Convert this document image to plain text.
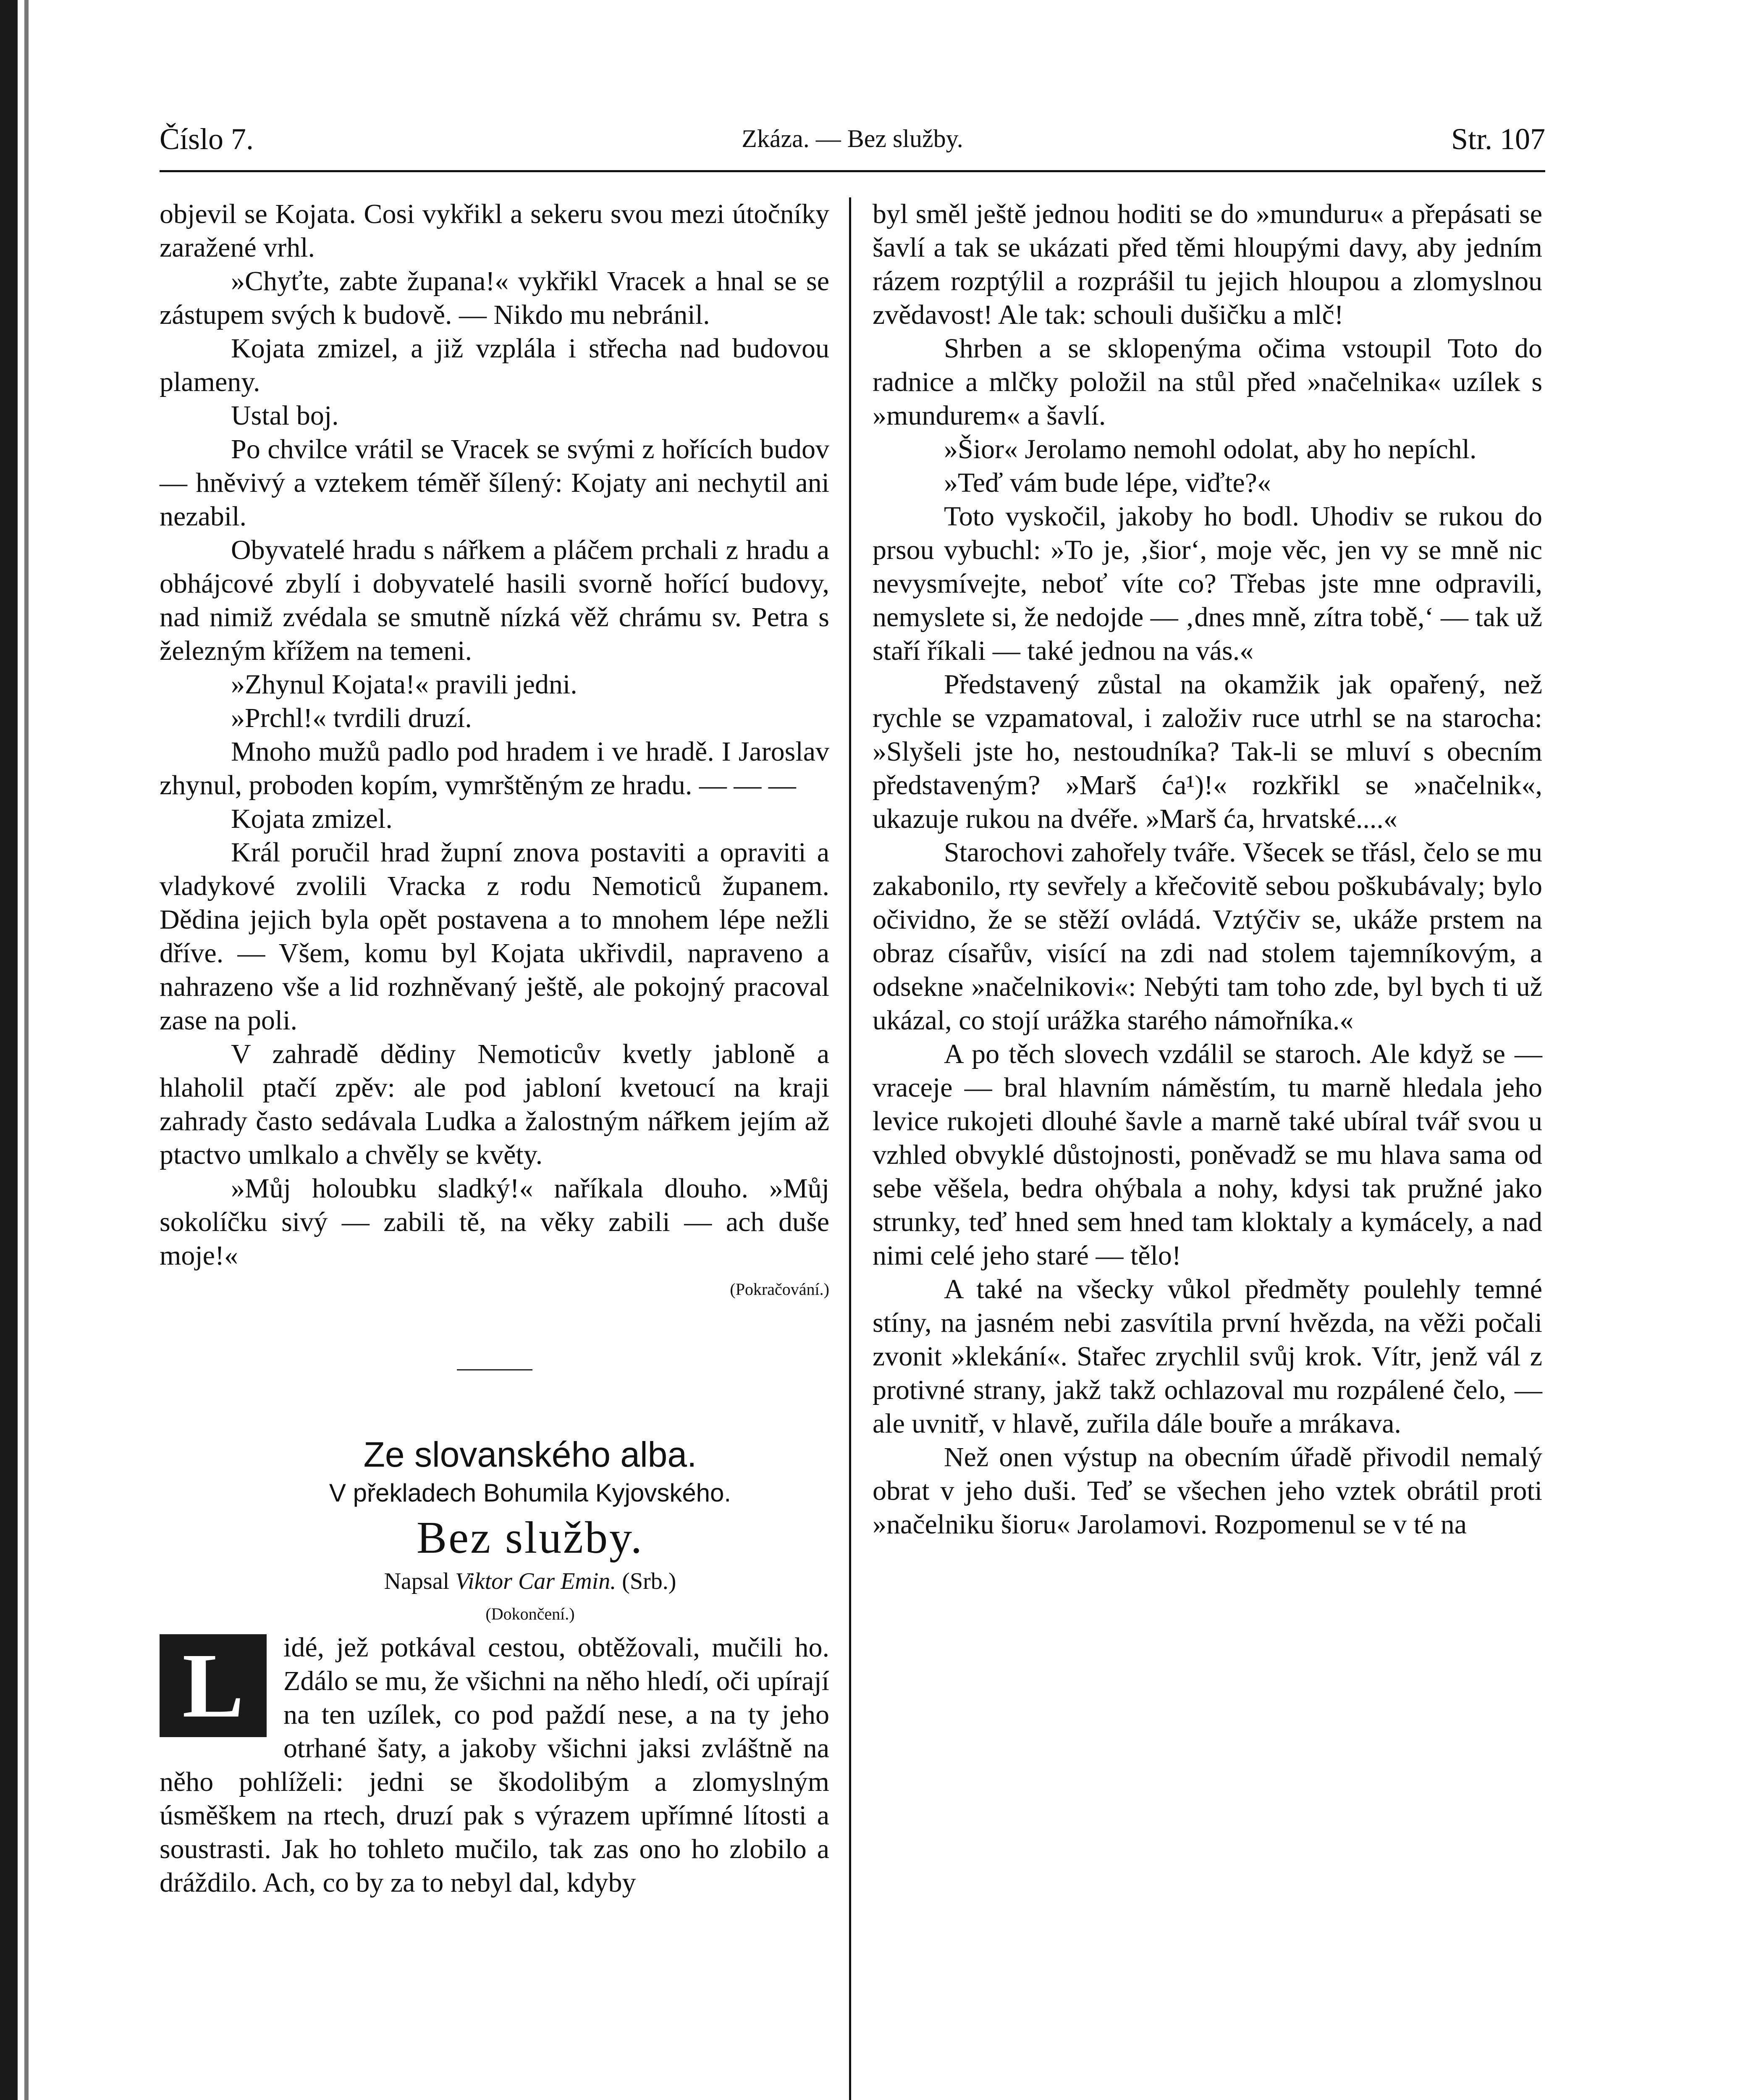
Číslo 7.	Zkáza. — Bez služby.	Str. 107

objevil se Kojata. Cosi vykřikl a sekeru svou mezi útočníky zaražené vrhl.

»Chyťte, zabte župana!« vykřikl Vracek a hnal se se zástupem svých k budově. — Nikdo mu nebránil.

Kojata zmizel, a již vzplála i střecha nad budovou plameny.

Ustal boj.

Po chvilce vrátil se Vracek se svými z hořících budov — hněvivý a vztekem téměř šílený: Kojaty ani nechytil ani nezabil.

Obyvatelé hradu s nářkem a pláčem prchali z hradu a obhájcové zbylí i dobyvatelé hasili svorně hořící budovy, nad nimiž zvédala se smutně nízká věž chrámu sv. Petra s železným křížem na temeni.

»Zhynul Kojata!« pravili jedni.

»Prchl!« tvrdili druzí.

Mnoho mužů padlo pod hradem i ve hradě. I Jaroslav zhynul, proboden kopím, vymrštěným ze hradu. — — —

Kojata zmizel.

Král poručil hrad župní znova postaviti a opraviti a vladykové zvolili Vracka z rodu Nemoticů županem. Dědina jejich byla opět postavena a to mnohem lépe nežli dříve. — Všem, komu byl Kojata ukřivdil, napraveno a nahrazeno vše a lid rozhněvaný ještě, ale pokojný pracoval zase na poli.

V zahradě dědiny Nemoticův kvetly jabloně a hlaholil ptačí zpěv: ale pod jabloní kvetoucí na kraji zahrady často sedávala Ludka a žalostným nářkem jejím až ptactvo umlkalo a chvěly se květy.

»Můj holoubku sladký!« naříkala dlouho. »Můj sokolíčku sivý — zabili tě, na věky zabili — ach duše moje!«

(Pokračování.)

Ze slovanského alba.

V překladech Bohumila Kyjovského.

Bez služby.

Napsal Viktor Car Emin. (Srb.)

(Dokončení.)

L	idé, jež potkával cestou, obtěžovali, mučili ho. Zdálo se mu, že všichni na něho hledí, oči upírají na ten uzílek, co pod paždí nese, a na ty jeho otrhané šaty, a jakoby všichni jaksi zvláštně na něho pohlíželi: jedni se škodolibým a zlomyslným úsměškem na rtech, druzí pak s výrazem upřímné lítosti a soustrasti. Jak ho tohleto mučilo, tak zas ono ho zlobilo a dráždilo. Ach, co by za to nebyl dal, kdyby

byl směl ještě jednou hoditi se do »munduru« a přepásati se šavlí a tak se ukázati před těmi hloupými davy, aby jedním rázem rozptýlil a rozprášil tu jejich hloupou a zlomyslnou zvědavost! Ale tak: schouli dušičku a mlč!

Shrben a se sklopenýma očima vstoupil Toto do radnice a mlčky položil na stůl před »načelnika« uzílek s »mundurem« a šavlí.

»Šior« Jerolamo nemohl odolat, aby ho nepíchl.

»Teď vám bude lépe, viďte?«

Toto vyskočil, jakoby ho bodl. Uhodiv se rukou do prsou vybuchl: »To je, ‚šior‘, moje věc, jen vy se mně nic nevysmívejte, neboť víte co? Třebas jste mne odpravili, nemyslete si, že nedojde — ‚dnes mně, zítra tobě,‘ — tak už staří říkali — také jednou na vás.«

Představený zůstal na okamžik jak opařený, než rychle se vzpamatoval, i založiv ruce utrhl se na starocha: »Slyšeli jste ho, nestoudníka? Tak-li se mluví s obecním představeným? »Marš ća¹)!« rozkřikl se »načelnik«, ukazuje rukou na dvéře. »Marš ća, hrvatské....«

Starochovi zahořely tváře. Všecek se třásl, čelo se mu zakabonilo, rty sevřely a křečovitě sebou poškubávaly; bylo očividno, že se stěží ovládá. Vztýčiv se, ukáže prstem na obraz císařův, visící na zdi nad stolem tajemníkovým, a odsekne »načelnikovi«: Nebýti tam toho zde, byl bych ti už ukázal, co stojí urážka starého námořníka.«

A po těch slovech vzdálil se staroch. Ale když se — vraceje — bral hlavním náměstím, tu marně hledala jeho levice rukojeti dlouhé šavle a marně také ubíral tvář svou u vzhled obvyklé důstojnosti, poněvadž se mu hlava sama od sebe věšela, bedra ohýbala a nohy, kdysi tak pružné jako strunky, teď hned sem hned tam kloktaly a kymácely, a nad nimi celé jeho staré — tělo!

A také na všecky vůkol předměty poulehly temné stíny, na jasném nebi zasvítila první hvězda, na věži počali zvonit »klekání«. Stařec zrychlil svůj krok. Vítr, jenž vál z protivné strany, jakž takž ochlazoval mu rozpálené čelo, — ale uvnitř, v hlavě, zuřila dále bouře a mrákava.

Než onen výstup na obecním úřadě přivodil nemalý obrat v jeho duši. Teď se všechen jeho vztek obrátil proti »načelniku šioru« Jarolamovi. Rozpomenul se v té na
